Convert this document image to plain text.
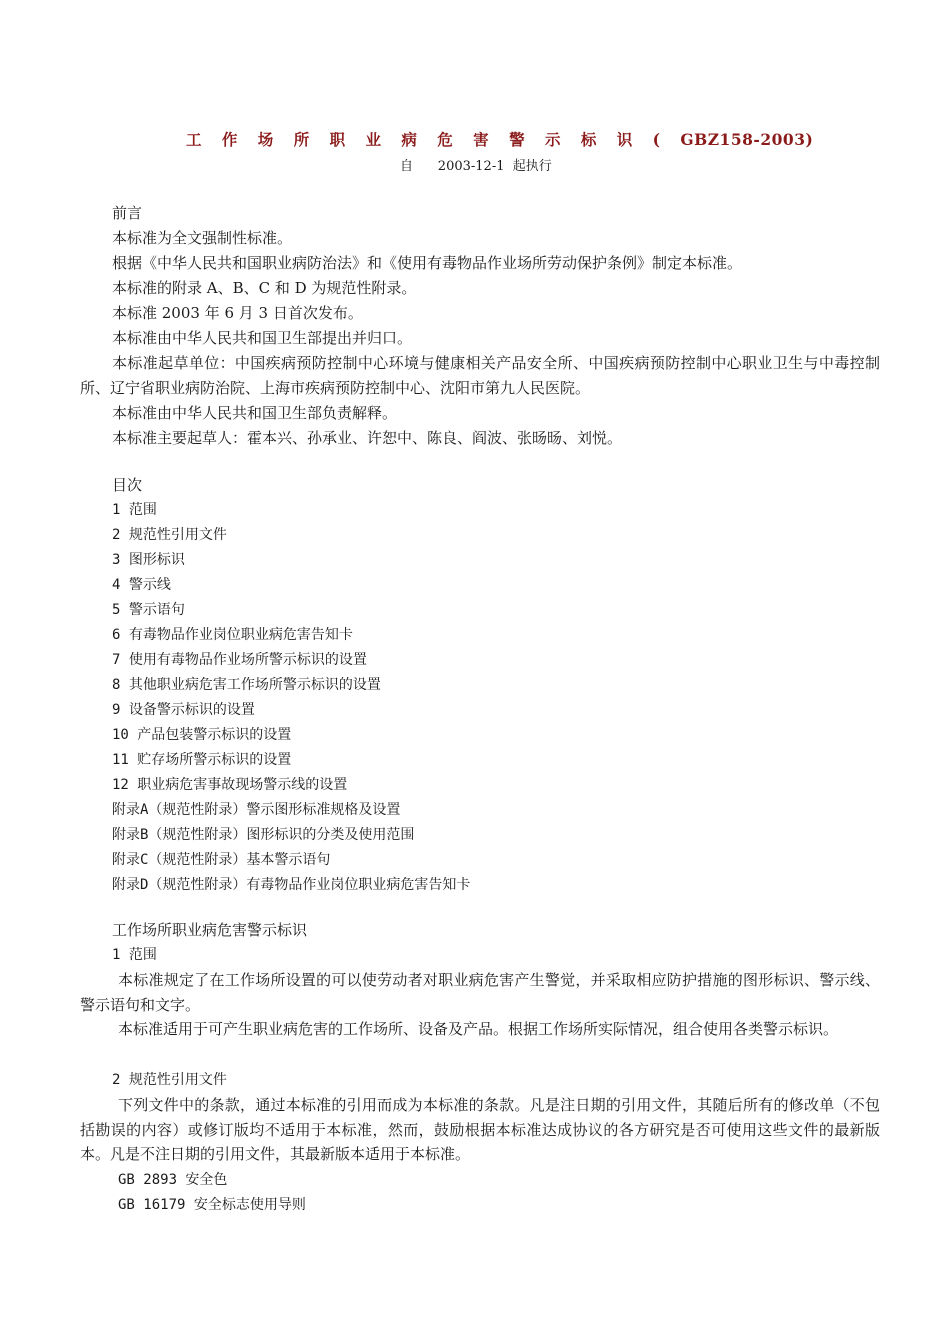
工 作 场 所 职 业 病 危 害 警 示 标 识 ( GBZ158-2003)
自      2003-12-1  起执行
前言
本标准为全文强制性标准。
根据《中华人民共和国职业病防治法》和《使用有毒物品作业场所劳动保护条例》制定本标准。
本标准的附录 A、B、C 和 D 为规范性附录。
本标准 2003 年 6 月 3 日首次发布。
本标准由中华人民共和国卫生部提出并归口。
本标准起草单位：中国疾病预防控制中心环境与健康相关产品安全所、中国疾病预防控制中心职业卫生与中毒控制所、辽宁省职业病防治院、上海市疾病预防控制中心、沈阳市第九人民医院。
本标准由中华人民共和国卫生部负责解释。
本标准主要起草人：霍本兴、孙承业、许恕中、陈良、阎波、张旸旸、刘悦。
目次
1 范围
2 规范性引用文件
3 图形标识
4 警示线
5 警示语句
6 有毒物品作业岗位职业病危害告知卡
7 使用有毒物品作业场所警示标识的设置
8 其他职业病危害工作场所警示标识的设置
9 设备警示标识的设置
10 产品包装警示标识的设置
11 贮存场所警示标识的设置
12 职业病危害事故现场警示线的设置
附录A（规范性附录）警示图形标准规格及设置
附录B（规范性附录）图形标识的分类及使用范围
附录C（规范性附录）基本警示语句
附录D（规范性附录）有毒物品作业岗位职业病危害告知卡
工作场所职业病危害警示标识
1 范围
本标准规定了在工作场所设置的可以使劳动者对职业病危害产生警觉，并采取相应防护措施的图形标识、警示线、警示语句和文字。
本标准适用于可产生职业病危害的工作场所、设备及产品。根据工作场所实际情况，组合使用各类警示标识。
2 规范性引用文件
下列文件中的条款，通过本标准的引用而成为本标准的条款。凡是注日期的引用文件，其随后所有的修改单（不包括勘误的内容）或修订版均不适用于本标准，然而，鼓励根据本标准达成协议的各方研究是否可使用这些文件的最新版本。凡是不注日期的引用文件，其最新版本适用于本标准。
GB 2893 安全色
GB 16179 安全标志使用导则
